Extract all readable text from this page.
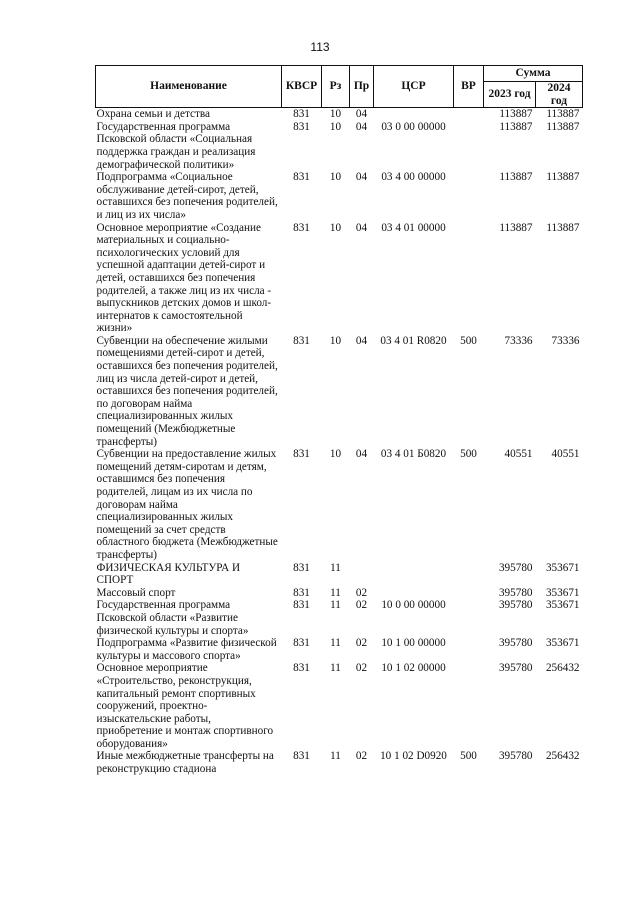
113
Наименование	КВСР	Рз	Пр	ЦСР	ВР	Сумма	
						2023 год	2024 год
Охрана семьи и детства	831	10	04			113887	113887
Государственная программа Псковской области «Социальная поддержка граждан и реализация демографической политики»	831	10	04	03 0 00 00000		113887	113887
Подпрограмма «Социальное обслуживание детей-сирот, детей, оставшихся без попечения родителей, и лиц из их числа»	831	10	04	03 4 00 00000		113887	113887
Основное мероприятие «Создание материальных и социально-психологических условий для успешной адаптации детей-сирот и детей, оставшихся без попечения родителей, а также лиц из их числа - выпускников детских домов и школ-интернатов к самостоятельной жизни»	831	10	04	03 4 01 00000		113887	113887
Субвенции на обеспечение жилыми помещениями детей-сирот и детей, оставшихся без попечения родителей, лиц из числа детей-сирот и детей, оставшихся без попечения родителей, по договорам найма специализированных жилых помещений (Межбюджетные трансферты)	831	10	04	03 4 01 R0820	500	73336	73336
Субвенции на предоставление жилых помещений детям-сиротам и детям, оставшимся без попечения родителей, лицам из их числа по договорам найма специализированных жилых помещений за счет средств областного бюджета (Межбюджетные трансферты)	831	10	04	03 4 01 Б0820	500	40551	40551
ФИЗИЧЕСКАЯ КУЛЬТУРА И СПОРТ	831	11				395780	353671
Массовый спорт	831	11	02			395780	353671
Государственная программа Псковской области «Развитие физической культуры и спорта»	831	11	02	10 0 00 00000		395780	353671
Подпрограмма «Развитие физической культуры и массового спорта»	831	11	02	10 1 00 00000		395780	353671
Основное мероприятие «Строительство, реконструкция, капитальный ремонт спортивных сооружений, проектно-изыскательские работы, приобретение и монтаж спортивного оборудования»	831	11	02	10 1 02 00000		395780	256432
Иные межбюджетные трансферты на реконструкцию стадиона	831	11	02	10 1 02 D0920	500	395780	256432
